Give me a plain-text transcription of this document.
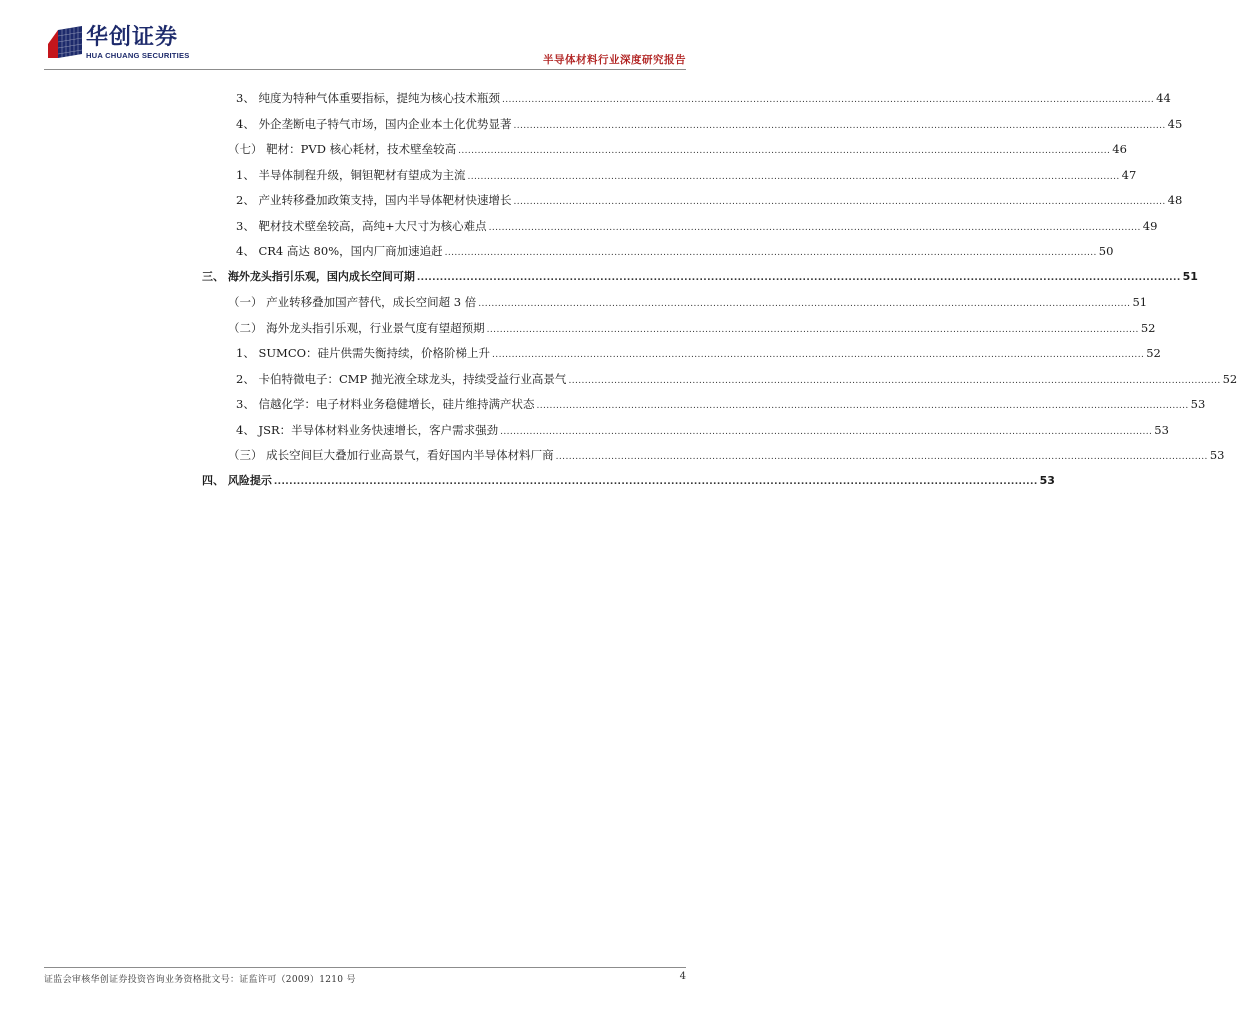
华创证券
HUA CHUANG SECURITIES	半导体材料行业深度研究报告
3、 纯度为特种气体重要指标，提纯为核心技术瓶颈 ........................................................................................................................................................................................................ 44
4、 外企垄断电子特气市场，国内企业本土化优势显著 ........................................................................................................................................................................................................ 45
（七） 靶材：PVD 核心耗材，技术壁垒较高 ........................................................................................................................................................................................................ 46
1、 半导体制程升级，铜钽靶材有望成为主流 ........................................................................................................................................................................................................ 47
2、 产业转移叠加政策支持，国内半导体靶材快速增长 ........................................................................................................................................................................................................ 48
3、 靶材技术壁垒较高，高纯+大尺寸为核心难点 ........................................................................................................................................................................................................ 49
4、 CR4 高达 80%，国内厂商加速追赶 ........................................................................................................................................................................................................ 50
三、 海外龙头指引乐观，国内成长空间可期 ........................................................................................................................................................................................................ 51
（一） 产业转移叠加国产替代，成长空间超 3 倍 ........................................................................................................................................................................................................ 51
（二） 海外龙头指引乐观，行业景气度有望超预期 ........................................................................................................................................................................................................ 52
1、 SUMCO：硅片供需失衡持续，价格阶梯上升 ........................................................................................................................................................................................................ 52
2、 卡伯特微电子：CMP 抛光液全球龙头，持续受益行业高景气 ........................................................................................................................................................................................................ 52
3、 信越化学：电子材料业务稳健增长，硅片维持满产状态 ........................................................................................................................................................................................................ 53
4、 JSR：半导体材料业务快速增长，客户需求强劲 ........................................................................................................................................................................................................ 53
（三） 成长空间巨大叠加行业高景气，看好国内半导体材料厂商 ........................................................................................................................................................................................................ 53
四、 风险提示 ........................................................................................................................................................................................................ 53
证监会审核华创证券投资咨询业务资格批文号：证监许可（2009）1210 号	4
